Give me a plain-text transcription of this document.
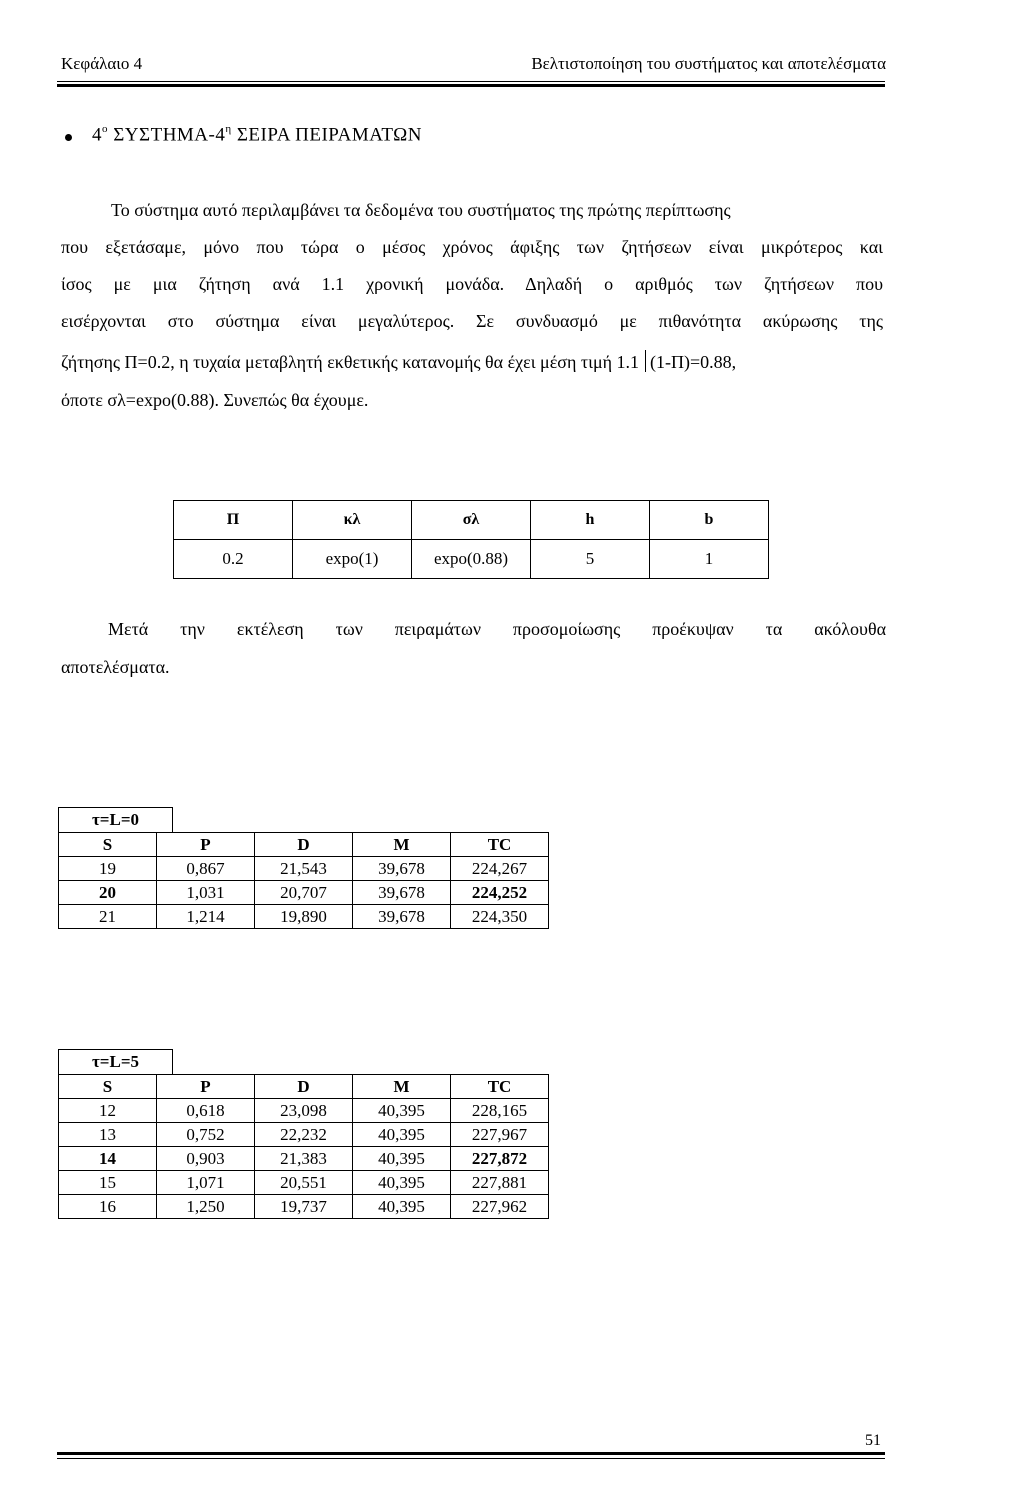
Κεφάλαιο 4	Βελτιστοποίηση του συστήματος και αποτελέσματα
$4^o$ ΣΥΣΤΗΜΑ-$4^\eta$ ΣΕΙΡΑ ΠΕΙΡΑΜΑΤΩΝ
Το σύστημα αυτό περιλαμβάνει τα δεδομένα του συστήματος της πρώτης περίπτωσης
που εξετάσαμε, μόνο που τώρα ο μέσος χρόνος άφιξης των ζητήσεων είναι μικρότερος και
ίσος με μια ζήτηση ανά 1.1 χρονική μονάδα. Δηλαδή ο αριθμός των ζητήσεων που
εισέρχονται στο σύστημα είναι μεγαλύτερος. Σε συνδυασμό με πιθανότητα ακύρωσης της
ζήτησης Π=0.2, η τυχαία μεταβλητή εκθετικής κατανομής θα έχει μέση τιμή 1.1 (1-Π)=0.88,
όποτε σλ=expo(0.88). Συνεπώς θα έχουμε.
Π	κλ	σλ	h	b
0.2	expo(1)	expo(0.88)	5	1
Μετά την εκτέλεση των πειραμάτων προσομοίωσης προέκυψαν τα ακόλουθα
αποτελέσματα.
τ=L=0
S	P	D	M	TC
19	0,867	21,543	39,678	224,267
20	1,031	20,707	39,678	224,252
21	1,214	19,890	39,678	224,350
τ=L=5
S	P	D	M	TC
12	0,618	23,098	40,395	228,165
13	0,752	22,232	40,395	227,967
14	0,903	21,383	40,395	227,872
15	1,071	20,551	40,395	227,881
16	1,250	19,737	40,395	227,962
51
